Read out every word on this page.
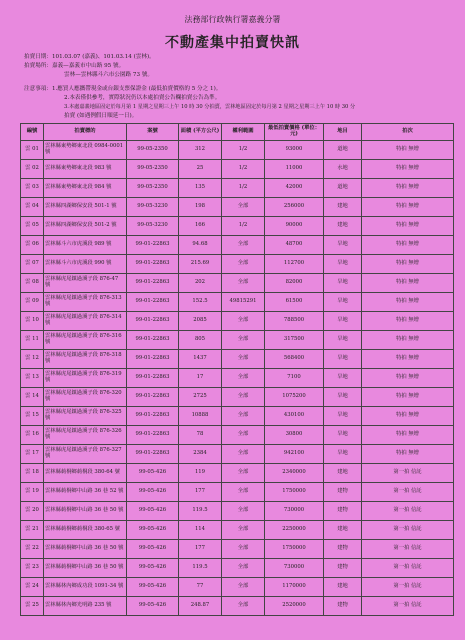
法務部行政執行署嘉義分署
不動產集中拍賣快訊
拍賣日期：101.03.07 (嘉義)、101.03.14 (雲林)。
拍賣場所：嘉義—嘉義市中山路 95 號。
雲林—雲林縣斗六市公園路 73 號。
注意事項：1.應買人應攜帶現金或台銀支票保證金 (最低拍賣價格的 5 分之 1)。
2.本表僅供參考，實際狀況仍以本處拍賣公告欄拍賣公告為準。
3.本處嘉義地區固定於每月第 1 星期之星期三上午 10 時 30 分拍賣，雲林地區固定於每月第 2 星期之星期三上午 10 時 30 分
拍賣 (如遇例假日順延一日)。
編號	拍賣標的	案號	面積 (平方公尺)	權利範圍	最低拍賣價格 (單位：元)	地目	拍次
雲 01	雲林縣東勢鄉東北段 0984-0001 號	99-05-2350	312	1/2	93000	道地	特拍 無增
雲 02	雲林縣東勢鄉東北段 983 號	99-05-2350	25	1/2	11000	水地	特拍 無增
雲 03	雲林縣東勢鄉東北段 984 號	99-05-2350	135	1/2	42000	道地	特拍 無增
雲 04	雲林縣四湖鄉保安段 501-1 號	99-05-3230	198	全部	256000	建地	特拍 無增
雲 05	雲林縣四湖鄉保安段 501-2 號	99-05-3230	166	1/2	90000	建地	特拍 無增
雲 06	雲林縣斗六市虎溪段 989 號	99-01-22863	94.68	全部	48700	旱地	特拍 無增
雲 07	雲林縣斗六市虎溪段 990 號	99-01-22863	215.69	全部	112700	旱地	特拍 無增
雲 08	雲林縣虎尾鎮過溪子段 876-47 號	99-01-22863	202	全部	82000	旱地	特拍 無增
雲 09	雲林縣虎尾鎮過溪子段 876-313 號	99-01-22863	152.5	49815291	61500	旱地	特拍 無增
雲 10	雲林縣虎尾鎮過溪子段 876-314 號	99-01-22863	2085	全部	788500	旱地	特拍 無增
雲 11	雲林縣虎尾鎮過溪子段 876-316 號	99-01-22863	805	全部	317500	旱地	特拍 無增
雲 12	雲林縣虎尾鎮過溪子段 876-318 號	99-01-22863	1437	全部	568400	旱地	特拍 無增
雲 13	雲林縣虎尾鎮過溪子段 876-319 號	99-01-22863	17	全部	7100	旱地	特拍 無增
雲 14	雲林縣虎尾鎮過溪子段 876-320 號	99-01-22863	2725	全部	1075200	旱地	特拍 無增
雲 15	雲林縣虎尾鎮過溪子段 876-325 號	99-01-22863	10888	全部	430100	旱地	特拍 無增
雲 16	雲林縣虎尾鎮過溪子段 876-326 號	99-01-22863	78	全部	30800	旱地	特拍 無增
雲 17	雲林縣虎尾鎮過溪子段 876-327 號	99-01-22863	2384	全部	942100	旱地	特拍 無增
雲 18	雲林縣莿桐鄉莿桐段 380-64 號	99-05-426	119	全部	2340000	建地	第一拍 信託
雲 19	雲林縣莿桐鄉中山路 36 巷 52 號	99-05-426	177	全部	1750000	建物	第一拍 信託
雲 20	雲林縣莿桐鄉中山路 36 巷 50 號	99-05-426	119.5	全部	730000	建物	第一拍 信託
雲 21	雲林縣莿桐鄉莿桐段 380-65 號	99-05-426	114	全部	2250000	建地	第一拍 信託
雲 22	雲林縣莿桐鄉中山路 36 巷 50 號	99-05-426	177	全部	1750000	建物	第一拍 信託
雲 23	雲林縣莿桐鄉中山路 36 巷 50 號	99-05-426	119.5	全部	730000	建物	第一拍 信託
雲 24	雲林縣林內鄉成功段 1091-34 號	99-05-426	77	全部	1170000	建地	第一拍 信託
雲 25	雲林縣林內鄉光明路 235 號	99-05-426	248.87	全部	2520000	建物	第一拍 信託
